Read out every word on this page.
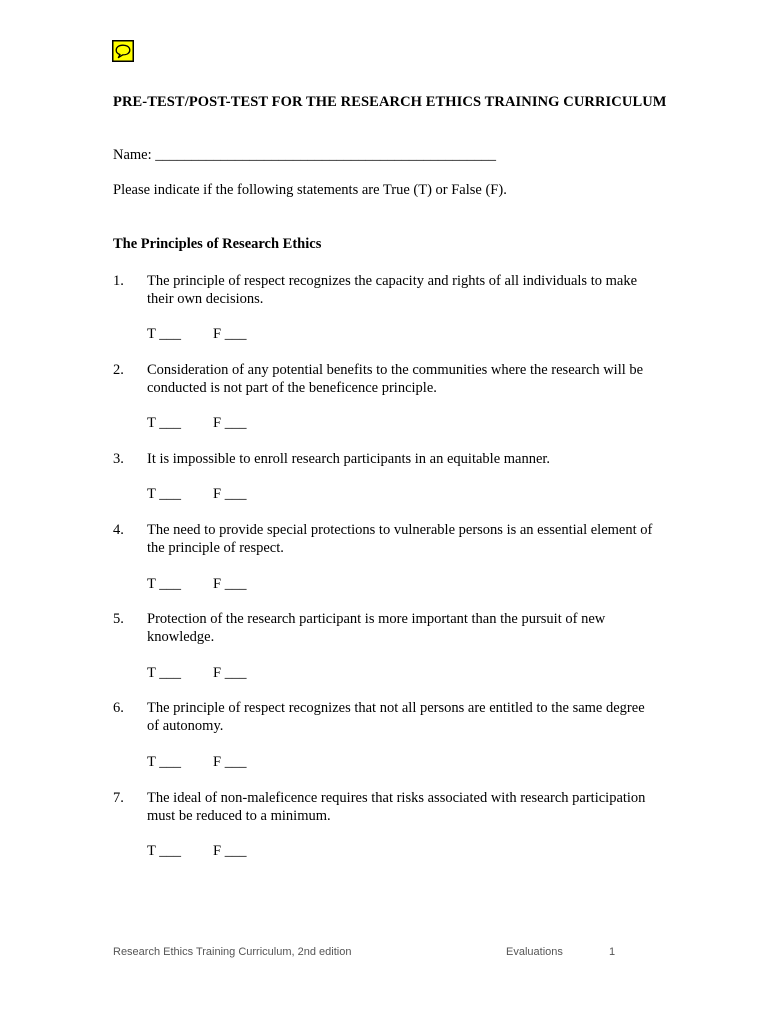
PRE-TEST/POST-TEST FOR THE RESEARCH ETHICS TRAINING CURRICULUM
Name: _______________________________________________
Please indicate if the following statements are True (T) or False (F).
The Principles of Research Ethics
1. The principle of respect recognizes the capacity and rights of all individuals to make their own decisions.
T ___ F ___
2. Consideration of any potential benefits to the communities where the research will be conducted is not part of the beneficence principle.
T ___ F ___
3. It is impossible to enroll research participants in an equitable manner.
T ___ F ___
4. The need to provide special protections to vulnerable persons is an essential element of the principle of respect.
T ___ F ___
5. Protection of the research participant is more important than the pursuit of new knowledge.
T ___ F ___
6. The principle of respect recognizes that not all persons are entitled to the same degree of autonomy.
T ___ F ___
7. The ideal of non-maleficence requires that risks associated with research participation must be reduced to a minimum.
T ___ F ___
Research Ethics Training Curriculum, 2nd edition	Evaluations	1
